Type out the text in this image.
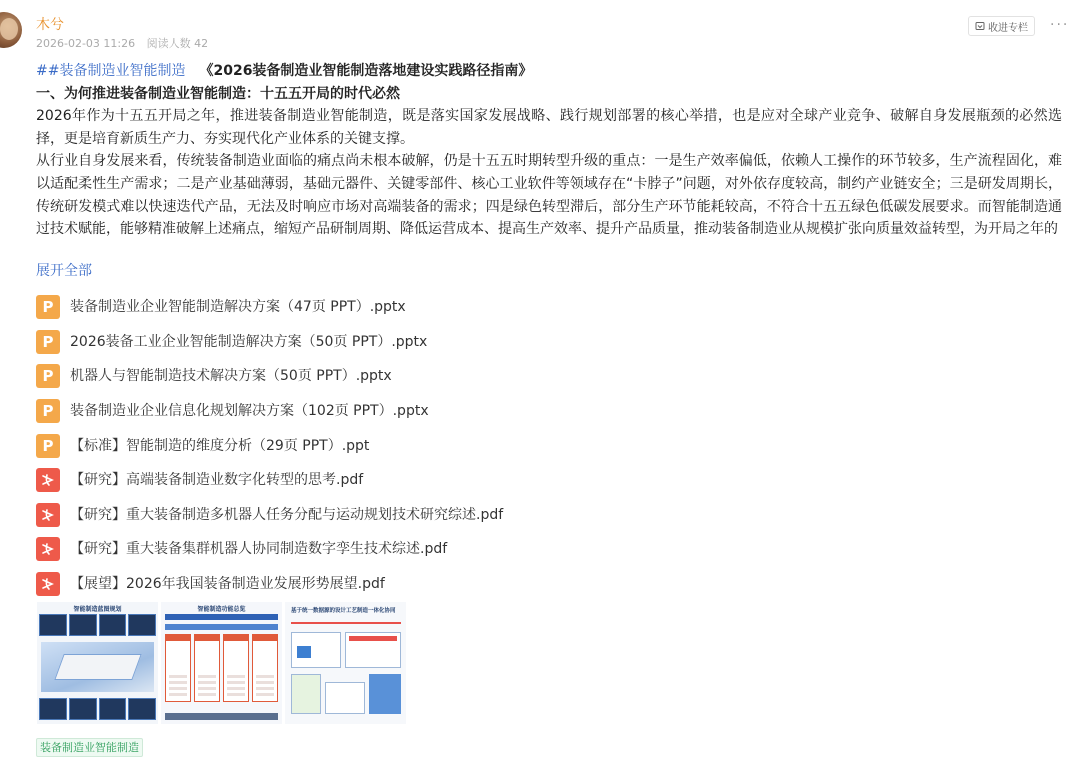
木兮
2026-02-03 11:26 阅读人数 42
收进专栏 ···
##装备制造业智能制造 《2026装备制造业智能制造落地建设实践路径指南》
一、为何推进装备制造业智能制造：十五五开局的时代必然

2026年作为十五五开局之年，推进装备制造业智能制造，既是落实国家发展战略、践行规划部署的核心举措，也是应对全球产业竞争、破解自身发展瓶颈的必然选择，更是培育新质生产力、夯实现代化产业体系的关键支撑。

从行业自身发展来看，传统装备制造业面临的痛点尚未根本破解，仍是十五五时期转型升级的重点：一是生产效率偏低，依赖人工操作的环节较多，生产流程固化，难以适配柔性生产需求；二是产业基础薄弱，基础元器件、关键零部件、核心工业软件等领域存在“卡脖子”问题，对外依存度较高，制约产业链安全；三是研发周期长，传统研发模式难以快速迭代产品，无法及时响应市场对高端装备的需求；四是绿色转型滞后，部分生产环节能耗较高，不符合十五五绿色低碳发展要求。而智能制造通过技术赋能，能够精准破解上述痛点，缩短产品研制周期、降低运营成本、提高生产效率、提升产品质量，推动装备制造业从规模扩张向质量效益转型，为开局之年的

展开全部
P	装备制造业企业智能制造解决方案（47页 PPT）.pptx
P	2026装备工业企业智能制造解决方案（50页 PPT）.pptx
P	机器人与智能制造技术解决方案（50页 PPT）.pptx
P	装备制造业企业信息化规划解决方案（102页 PPT）.pptx
P	【标准】智能制造的维度分析（29页 PPT）.ppt
【研究】高端装备制造业数字化转型的思考.pdf
【研究】重大装备制造多机器人任务分配与运动规划技术研究综述.pdf
【研究】重大装备集群机器人协同制造数字孪生技术综述.pdf
【展望】2026年我国装备制造业发展形势展望.pdf
智能制造蓝图规划	智能制造功能总览	基于统一数据源的设计工艺制造一体化协同
装备制造业智能制造
